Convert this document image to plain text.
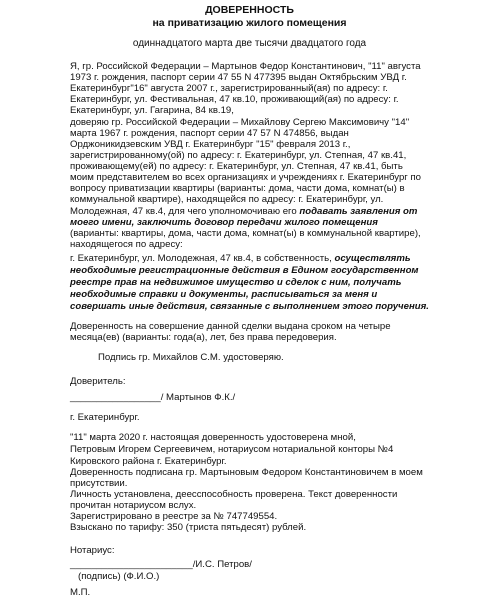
ДОВЕРЕННОСТЬ
на приватизацию жилого помещения
одиннадцатого марта две тысячи двадцатого года
Я, гр. Российской Федерации – Мартынов Федор Константинович, "11" августа
1973 г. рождения, паспорт серии 47 55 N 477395 выдан Октябрьским УВД г.
Екатеринбург"16" августа 2007 г., зарегистрированный(ая) по адресу: г.
Екатеринбург, ул. Фестивальная, 47 кв.10, проживающий(ая) по адресу: г.
Екатеринбург, ул. Гагарина, 84 кв.19,
доверяю гр. Российской Федерации – Михайлову Сергею Максимовичу "14"
марта 1967 г. рождения, паспорт серии 47 57 N 474856, выдан
Орджоникидзевским УВД г. Екатеринбург "15" февраля 2013 г.,
зарегистрированному(ой) по адресу: г. Екатеринбург, ул. Степная, 47 кв.41,
проживающему(ей) по адресу: г. Екатеринбург, ул. Степная, 47 кв.41, быть
моим представителем во всех организациях и учреждениях г. Екатеринбург по
вопросу приватизации квартиры (варианты: дома, части дома, комнат(ы) в
коммунальной квартире), находящейся по адресу: г. Екатеринбург, ул.
Молодежная, 47 кв.4, для чего уполномочиваю его подавать заявления от
моего имени, заключить договор передачи жилого помещения
(варианты: квартиры, дома, части дома, комнат(ы) в коммунальной квартире),
находящегося по адресу:
г. Екатеринбург, ул. Молодежная, 47 кв.4, в собственность, осуществлять
необходимые регистрационные действия в Едином государственном
реестре прав на недвижимое имущество и сделок с ним, получать
необходимые справки и документы, расписываться за меня и
совершать иные действия, связанные с выполнением этого поручения.
Доверенность на совершение данной сделки выдана сроком на четыре
месяца(ев) (варианты: года(а), лет, без права передоверия.
Подпись гр. Михайлов С.М. удостоверяю.
Доверитель:
_________________/ Мартынов Ф.К./
г. Екатеринбург.
"11" марта 2020 г. настоящая доверенность удостоверена мной,
Петровым Игорем Сергеевичем, нотариусом нотариальной конторы №4
Кировского района г. Екатеринбург.
Доверенность подписана гр. Мартыновым Федором Константиновичем в моем
присутствии.
Личность установлена, деесспособность проверена. Текст доверенности
прочитан нотариусом вслух.
Зарегистрировано в реестре за № 747749554.
Взыскано по тарифу: 350 (триста пятьдесят) рублей.
Нотариус:
_______________________/И.С. Петров/
(подпись) (Ф.И.О.)
М.П.
